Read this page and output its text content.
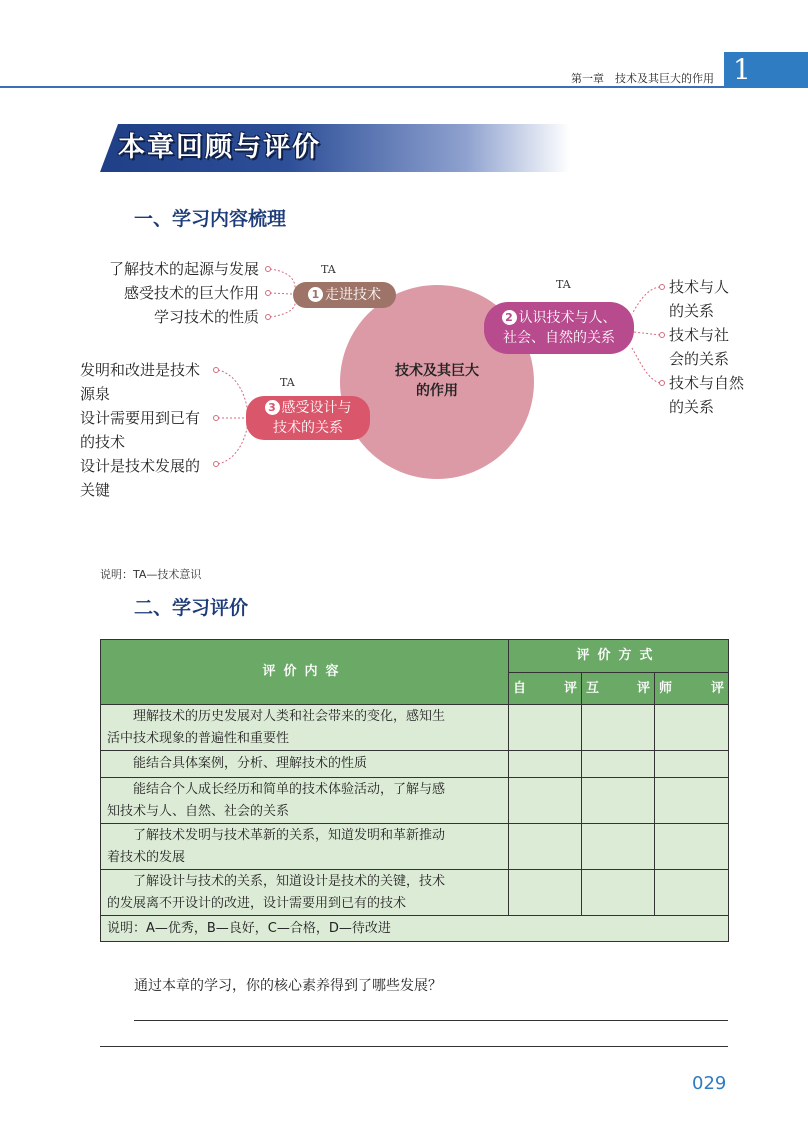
第一章　技术及其巨大的作用 1
本章回顾与评价
一、学习内容梳理
技术及其巨大
的作用
TA
1 走进技术
了解技术的起源与发展
感受技术的巨大作用
学习技术的性质
TA
2 认识技术与人、
社会、自然的关系
技术与人
的关系
技术与社
会的关系
技术与自然
的关系
TA
3 感受设计与
技术的关系
发明和改进是技术
源泉
设计需要用到已有
的技术
设计是技术发展的
关键
说明：TA—技术意识
二、学习评价
评价内容	评价方式		

	自 评	互 评	师 评

理解技术的历史发展对人类和社会带来的变化，感知生
活中技术现象的普遍性和重要性			

能结合具体案例，分析、理解技术的性质			

能结合个人成长经历和简单的技术体验活动，了解与感
知技术与人、自然、社会的关系			

了解技术发明与技术革新的关系，知道发明和革新推动
着技术的发展			

了解设计与技术的关系，知道设计是技术的关键，技术
的发展离不开设计的改进，设计需要用到已有的技术			

说明：A—优秀，B—良好，C—合格，D—待改进			
通过本章的学习，你的核心素养得到了哪些发展？
029
